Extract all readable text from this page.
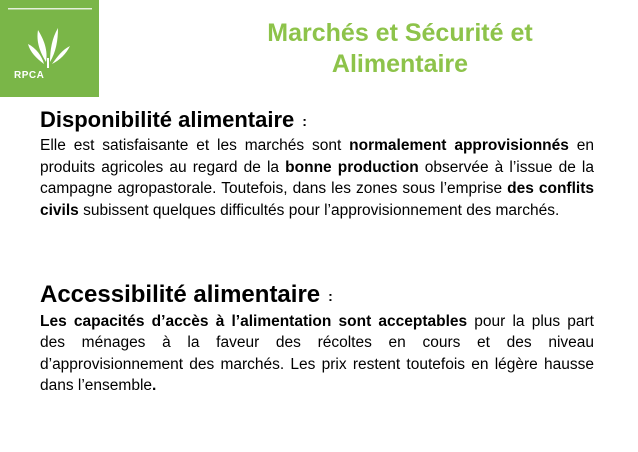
RPCA
Marchés et Sécurité et
Alimentaire

Disponibilité alimentaire :

Elle est satisfaisante et les marchés sont normalement approvisionnés en produits agricoles au regard de la bonne production observée à l’issue de la campagne agropastorale. Toutefois, dans les zones sous l’emprise des conflits civils subissent quelques difficultés pour l’approvisionnement des marchés.

Accessibilité alimentaire :

Les capacités d’accès à l’alimentation sont acceptables pour la plus part des ménages à la faveur des récoltes en cours et des niveau d’approvisionnement des marchés. Les prix restent toutefois en légère hausse dans l’ensemble.
